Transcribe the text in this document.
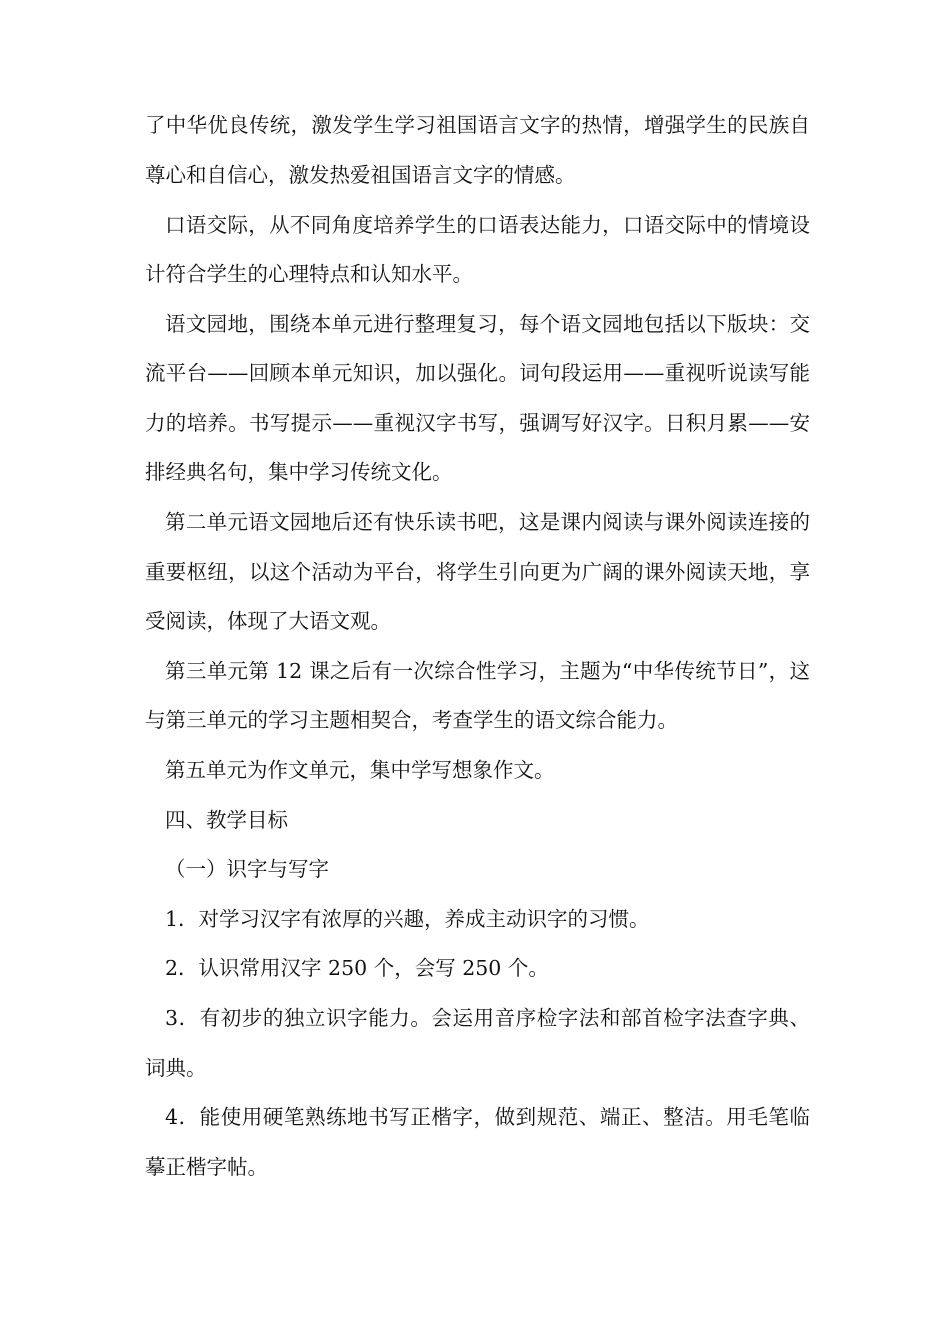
了中华优良传统，激发学生学习祖国语言文字的热情，增强学生的民族自
尊心和自信心，激发热爱祖国语言文字的情感。
口语交际，从不同角度培养学生的口语表达能力，口语交际中的情境设
计符合学生的心理特点和认知水平。
语文园地，围绕本单元进行整理复习，每个语文园地包括以下版块：交
流平台——回顾本单元知识，加以强化。词句段运用——重视听说读写能
力的培养。书写提示——重视汉字书写，强调写好汉字。日积月累——安
排经典名句，集中学习传统文化。
第二单元语文园地后还有快乐读书吧，这是课内阅读与课外阅读连接的
重要枢纽，以这个活动为平台，将学生引向更为广阔的课外阅读天地，享
受阅读，体现了大语文观。
第三单元第 12 课之后有一次综合性学习，主题为“中华传统节日”，这
与第三单元的学习主题相契合，考查学生的语文综合能力。
第五单元为作文单元，集中学写想象作文。
四、教学目标
（一）识字与写字
1．对学习汉字有浓厚的兴趣，养成主动识字的习惯。
2．认识常用汉字 250 个，会写 250 个。
3．有初步的独立识字能力。会运用音序检字法和部首检字法查字典、
词典。
4．能使用硬笔熟练地书写正楷字，做到规范、端正、整洁。用毛笔临
摹正楷字帖。
